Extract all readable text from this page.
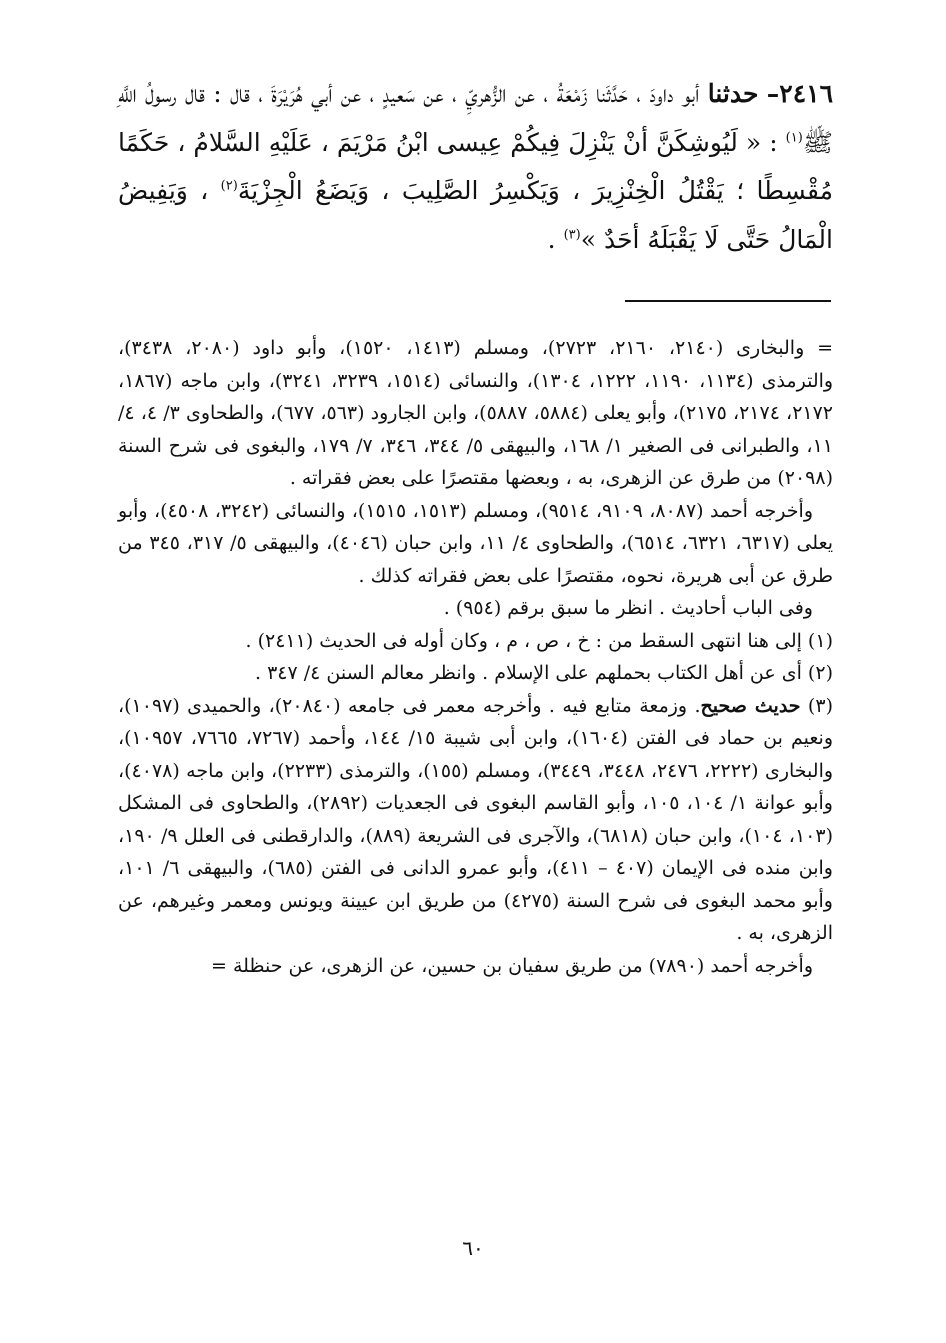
٢٤١٦– حدثنا أبو داودَ ، حَدَّثَنا زَمْعَةُ ، عن الزُّهريِّ ، عن سَعيدٍ ، عن أبي هُرَيْرَةَ ، قال : قال رسولُ اللَّهِ ﷺ$^{(١)}$ : « لَيُوشِكَنَّ أنْ يَنْزِلَ فِيكُمْ عِيسى ابْنُ مَرْيَمَ ، عَلَيْهِ السَّلامُ ، حَكَمًا مُقْسِطًا ؛ يَقْتُلُ الْخِنْزِيرَ ، وَيَكْسِرُ الصَّلِيبَ ، وَيَضَعُ الْجِزْيَةَ$^{(٢)}$ ، وَيَفِيضُ الْمَالُ حَتَّى لَا يَقْبَلَهُ أحَدٌ »$^{(٣)}$ .

= والبخارى (٢١٤٠، ٢١٦٠، ٢٧٢٣)، ومسلم (١٤١٣، ١٥٢٠)، وأبو داود (٢٠٨٠، ٣٤٣٨)، والترمذى (١١٣٤، ١١٩٠، ١٢٢٢، ١٣٠٤)، والنسائى (١٥١٤، ٣٢٣٩، ٣٢٤١)، وابن ماجه (١٨٦٧، ٢١٧٢، ٢١٧٤، ٢١٧٥)، وأبو يعلى (٥٨٨٤، ٥٨٨٧)، وابن الجارود (٥٦٣، ٦٧٧)، والطحاوى ٣/ ٤، ٤/ ١١، والطبرانى فى الصغير ١/ ١٦٨، والبيهقى ٥/ ٣٤٤، ٣٤٦، ٧/ ١٧٩، والبغوى فى شرح السنة (٢٠٩٨) من طرق عن الزهرى، به ، وبعضها مقتصرًا على بعض فقراته .

وأخرجه أحمد (٨٠٨٧، ٩١٠٩، ٩٥١٤)، ومسلم (١٥١٣، ١٥١٥)، والنسائى (٣٢٤٢، ٤٥٠٨)، وأبو يعلى (٦٣١٧، ٦٣٢١، ٦٥١٤)، والطحاوى ٤/ ١١، وابن حبان (٤٠٤٦)، والبيهقى ٥/ ٣١٧، ٣٤٥ من طرق عن أبى هريرة، نحوه، مقتصرًا على بعض فقراته كذلك .

وفى الباب أحاديث . انظر ما سبق برقم (٩٥٤) .

(١) إلى هنا انتهى السقط من : خ ، ص ، م ، وكان أوله فى الحديث (٢٤١١) .

(٢) أى عن أهل الكتاب بحملهم على الإسلام . وانظر معالم السنن ٤/ ٣٤٧ .

(٣) حديث صحيح. وزمعة متابع فيه . وأخرجه معمر فى جامعه (٢٠٨٤٠)، والحميدى (١٠٩٧)، ونعيم بن حماد فى الفتن (١٦٠٤)، وابن أبى شيبة ١٥/ ١٤٤، وأحمد (٧٢٦٧، ٧٦٦٥، ١٠٩٥٧)، والبخارى (٢٢٢٢، ٢٤٧٦، ٣٤٤٨، ٣٤٤٩)، ومسلم (١٥٥)، والترمذى (٢٢٣٣)، وابن ماجه (٤٠٧٨)، وأبو عوانة ١/ ١٠٤، ١٠٥، وأبو القاسم البغوى فى الجعديات (٢٨٩٢)، والطحاوى فى المشكل (١٠٣، ١٠٤)، وابن حبان (٦٨١٨)، والآجرى فى الشريعة (٨٨٩)، والدارقطنى فى العلل ٩/ ١٩٠، وابن منده فى الإيمان (٤٠٧ – ٤١١)، وأبو عمرو الدانى فى الفتن (٦٨٥)، والبيهقى ٦/ ١٠١، وأبو محمد البغوى فى شرح السنة (٤٢٧٥) من طريق ابن عيينة ويونس ومعمر وغيرهم، عن الزهرى، به .

وأخرجه أحمد (٧٨٩٠) من طريق سفيان بن حسين، عن الزهرى، عن حنظلة =

٦٠
